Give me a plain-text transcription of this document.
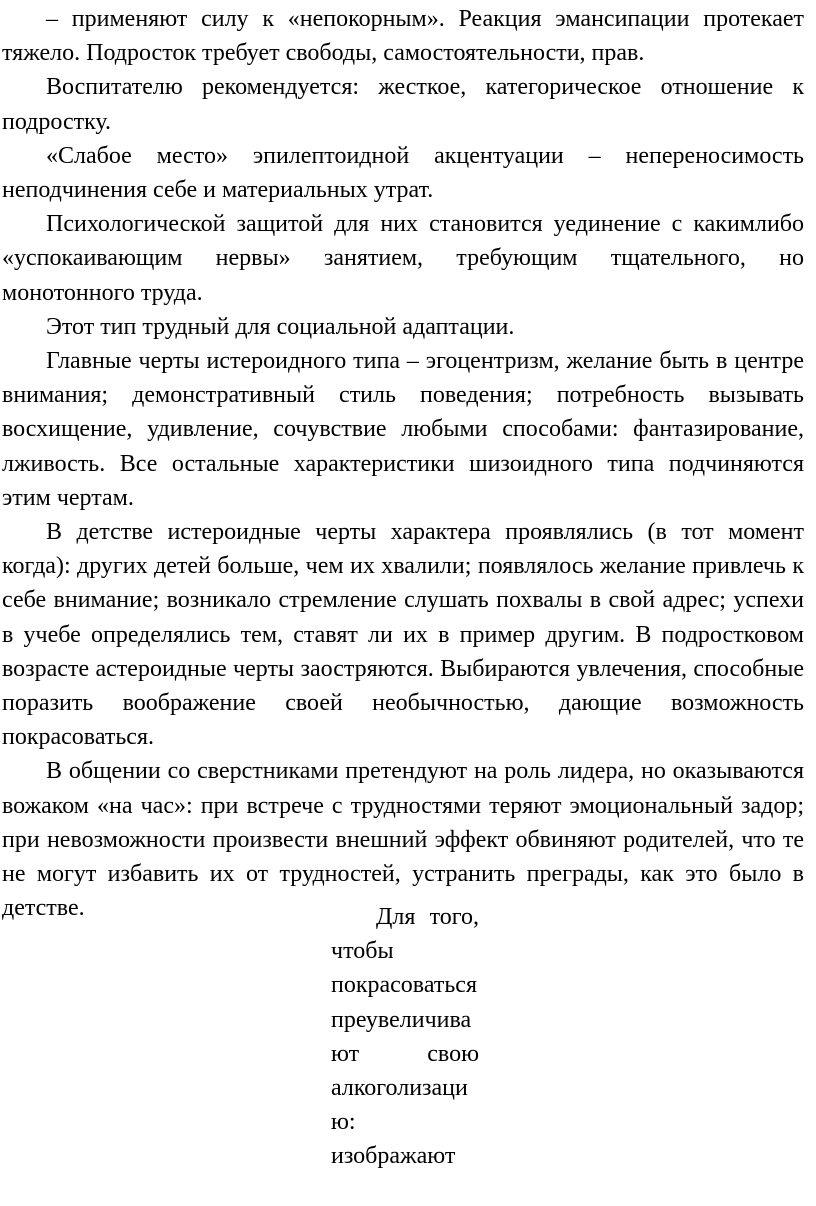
– применяют силу к «непокорным». Реакция эмансипации протекает тяжело. Подросток требует свободы, самостоятельности, прав.

Воспитателю рекомендуется: жесткое, категорическое отношение к подростку.

«Слабое место» эпилептоидной акцентуации – непереносимость неподчинения себе и материальных утрат.

Психологической защитой для них становится уединение с какимлибо «успокаивающим нервы» занятием, требующим тщательного, но монотонного труда.

Этот тип трудный для социальной адаптации.

Главные черты истероидного типа – эгоцентризм, желание быть в центре внимания; демонстративный стиль поведения; потребность вызывать восхищение, удивление, сочувствие любыми способами: фантазирование, лживость. Все остальные характеристики шизоидного типа подчиняются этим чертам.

В детстве истероидные черты характера проявлялись (в тот момент когда): других детей больше, чем их хвалили; появлялось желание привлечь к себе внимание; возникало стремление слушать похвалы в свой адрес; успехи в учебе определялись тем, ставят ли их в пример другим. В подростковом возрасте астероидные черты заостряются. Выбираются увлечения, способные поразить воображение своей необычностью, дающие возможность покрасоваться.

В общении со сверстниками претендуют на роль лидера, но оказываются вожаком «на час»: при встрече с трудностями теряют эмоциональный задор; при невозможности произвести внешний эффект обвиняют родителей, что те не могут избавить их от трудностей, устранить преграды, как это было в детстве.	Для того, чтобы покрасоваться преувеличивают свою алкоголизацию: изображают
